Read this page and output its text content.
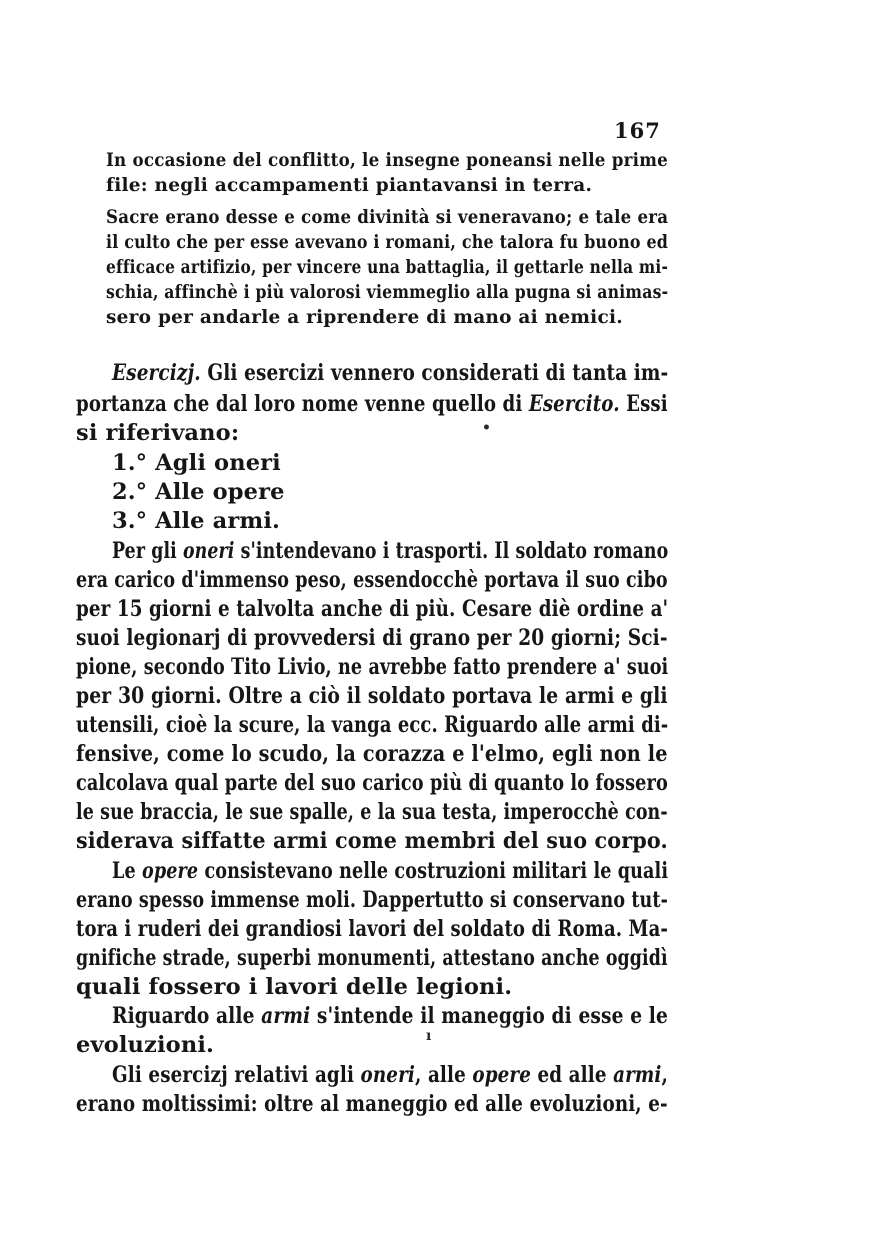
167
In occasione del conflitto, le insegne poneansi nelle prime
file: negli accampamenti piantavansi in terra.
Sacre erano desse e come divinità si veneravano; e tale era
il culto che per esse avevano i romani, che talora fu buono ed
efficace artifizio, per vincere una battaglia, il gettarle nella mi-
schia, affinchè i più valorosi viemmeglio alla pugna si animas-
sero per andarle a riprendere di mano ai nemici.
Esercizj. Gli esercizi vennero considerati di tanta im-
portanza che dal loro nome venne quello di Esercito. Essi
si riferivano:
1.° Agli oneri
2.° Alle opere
3.° Alle armi.
Per gli oneri s'intendevano i trasporti. Il soldato romano
era carico d'immenso peso, essendocchè portava il suo cibo
per 15 giorni e talvolta anche di più. Cesare diè ordine a'
suoi legionarj di provvedersi di grano per 20 giorni; Sci-
pione, secondo Tito Livio, ne avrebbe fatto prendere a' suoi
per 30 giorni. Oltre a ciò il soldato portava le armi e gli
utensili, cioè la scure, la vanga ecc. Riguardo alle armi di-
fensive, come lo scudo, la corazza e l'elmo, egli non le
calcolava qual parte del suo carico più di quanto lo fossero
le sue braccia, le sue spalle, e la sua testa, imperocchè con-
siderava siffatte armi come membri del suo corpo.
Le opere consistevano nelle costruzioni militari le quali
erano spesso immense moli. Dappertutto si conservano tut-
tora i ruderi dei grandiosi lavori del soldato di Roma. Ma-
gnifiche strade, superbi monumenti, attestano anche oggidì
quali fossero i lavori delle legioni.
Riguardo alle armi s'intende il maneggio di esse e le
evoluzioni.
Gli esercizj relativi agli oneri, alle opere ed alle armi,
erano moltissimi: oltre al maneggio ed alle evoluzioni, e-
•
ı
